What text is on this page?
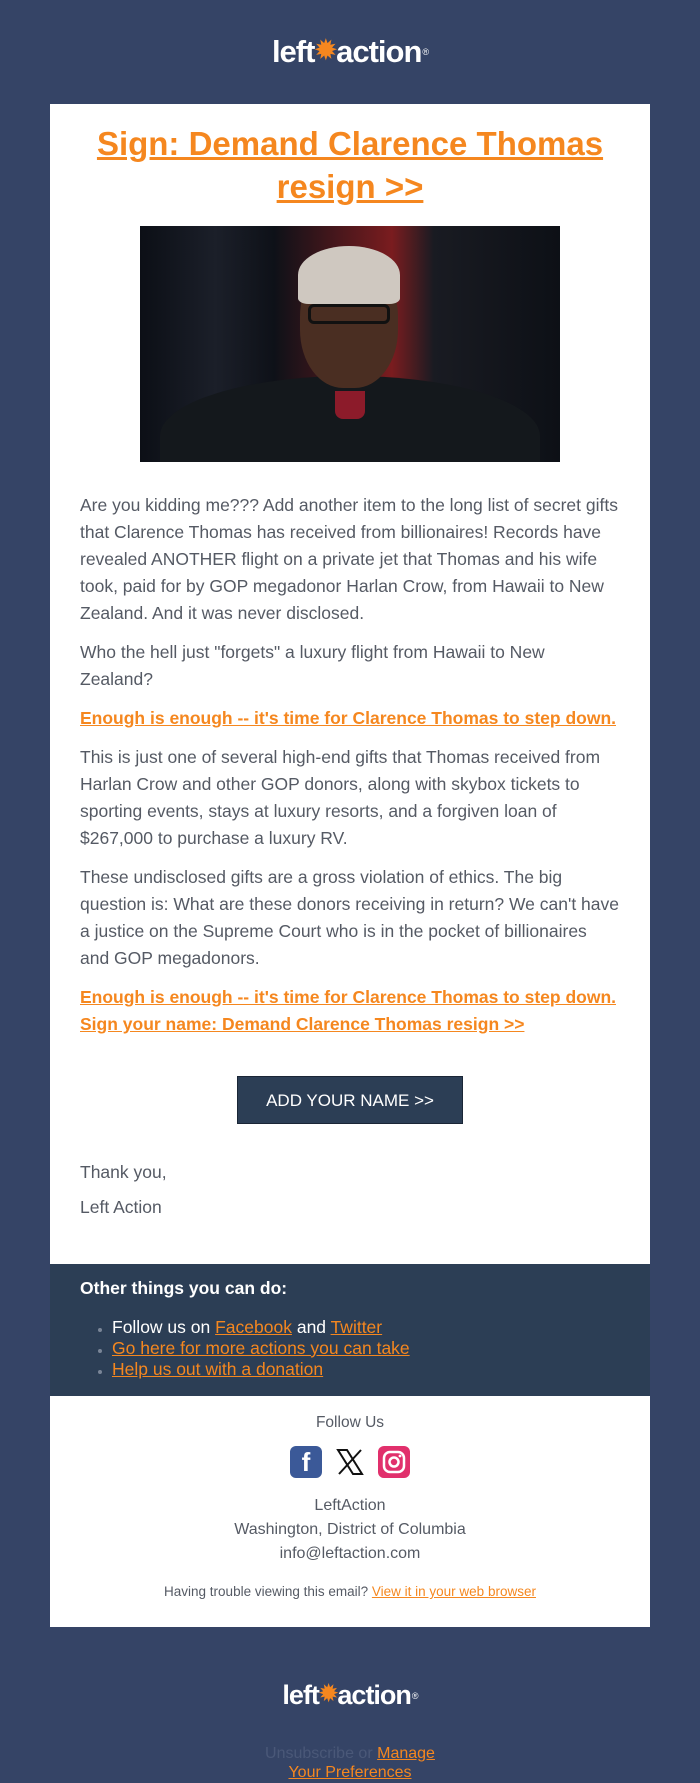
left ✹ action ®
Sign: Demand Clarence Thomas resign >>

Are you kidding me??? Add another item to the long list of secret gifts that Clarence Thomas has received from billionaires! Records have revealed ANOTHER flight on a private jet that Thomas and his wife took, paid for by GOP megadonor Harlan Crow, from Hawaii to New Zealand. And it was never disclosed.

Who the hell just "forgets" a luxury flight from Hawaii to New Zealand?

Enough is enough -- it's time for Clarence Thomas to step down.

This is just one of several high-end gifts that Thomas received from Harlan Crow and other GOP donors, along with skybox tickets to sporting events, stays at luxury resorts, and a forgiven loan of $267,000 to purchase a luxury RV.

These undisclosed gifts are a gross violation of ethics. The big question is: What are these donors receiving in return? We can't have a justice on the Supreme Court who is in the pocket of billionaires and GOP megadonors.

Enough is enough -- it's time for Clarence Thomas to step down. Sign your name: Demand Clarence Thomas resign >>
ADD YOUR NAME >>

Thank you,

Left Action

Other things you can do:
• Follow us on Facebook and Twitter
• Go here for more actions you can take
• Help us out with a donation
Follow Us
f
LeftAction
Washington, District of Columbia
info@leftaction.com
Having trouble viewing this email? View it in your web browser
left ✹ action ®
Unsubscribe or Manage
Your Preferences
